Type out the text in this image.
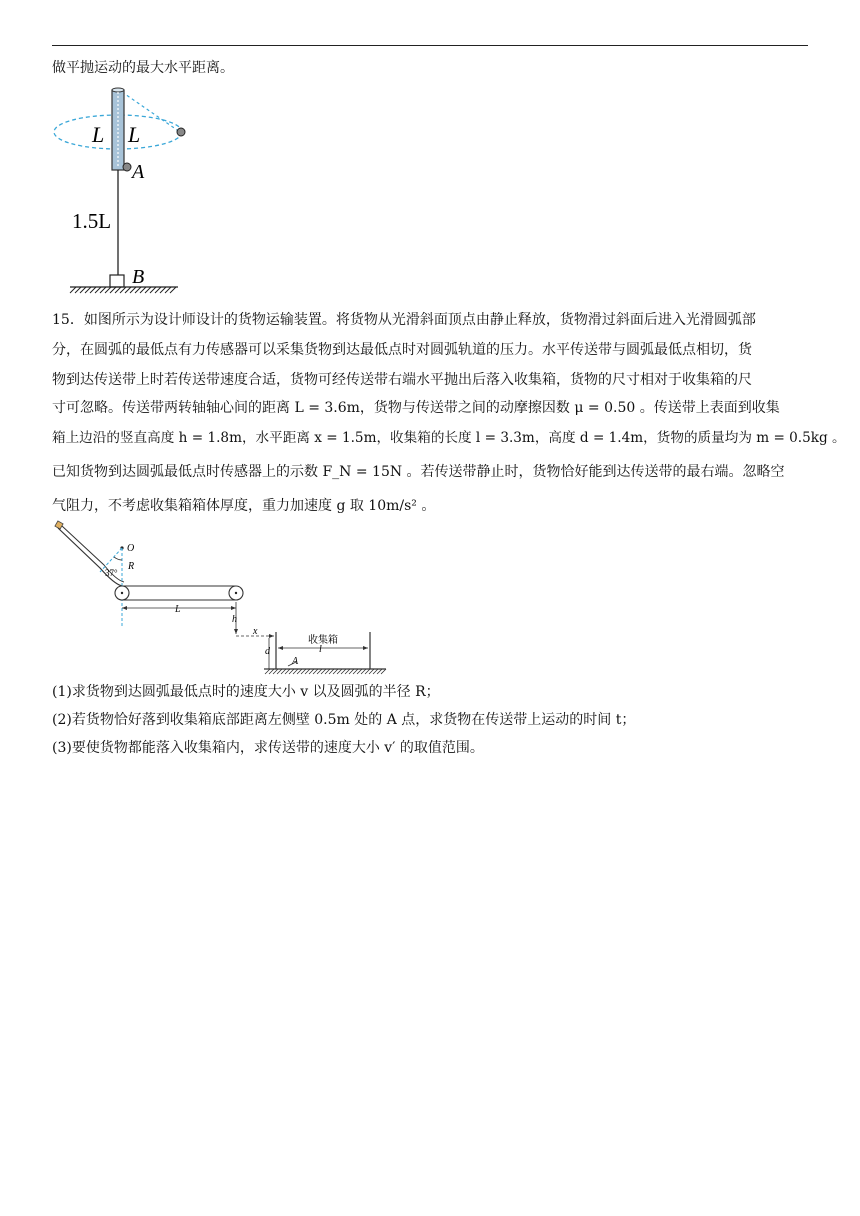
做平抛运动的最大水平距离。
L L
A
1.5L
B
15．如图所示为设计师设计的货物运输装置。将货物从光滑斜面顶点由静止释放，货物滑过斜面后进入光滑圆弧部
分，在圆弧的最低点有力传感器可以采集货物到达最低点时对圆弧轨道的压力。水平传送带与圆弧最低点相切，货
物到达传送带上时若传送带速度合适，货物可经传送带右端水平抛出后落入收集箱，货物的尺寸相对于收集箱的尺
寸可忽略。传送带两转轴轴心间的距离 L = 3.6m，货物与传送带之间的动摩擦因数 μ = 0.50 。传送带上表面到收集
箱上边沿的竖直高度 h = 1.8m，水平距离 x = 1.5m，收集箱的长度 l = 3.3m，高度 d = 1.4m，货物的质量均为 m = 0.5kg 。
已知货物到达圆弧最低点时传感器上的示数 F_N = 15N 。若传送带静止时，货物恰好能到达传送带的最右端。忽略空
气阻力，不考虑收集箱箱体厚度，重力加速度 g 取 10m/s² 。
O
R
37°
L
h
x
收集箱
d	l
A
(1)求货物到达圆弧最低点时的速度大小 v 以及圆弧的半径 R；
(2)若货物恰好落到收集箱底部距离左侧壁 0.5m 处的 A 点，求货物在传送带上运动的时间 t；
(3)要使货物都能落入收集箱内，求传送带的速度大小 v′ 的取值范围。
